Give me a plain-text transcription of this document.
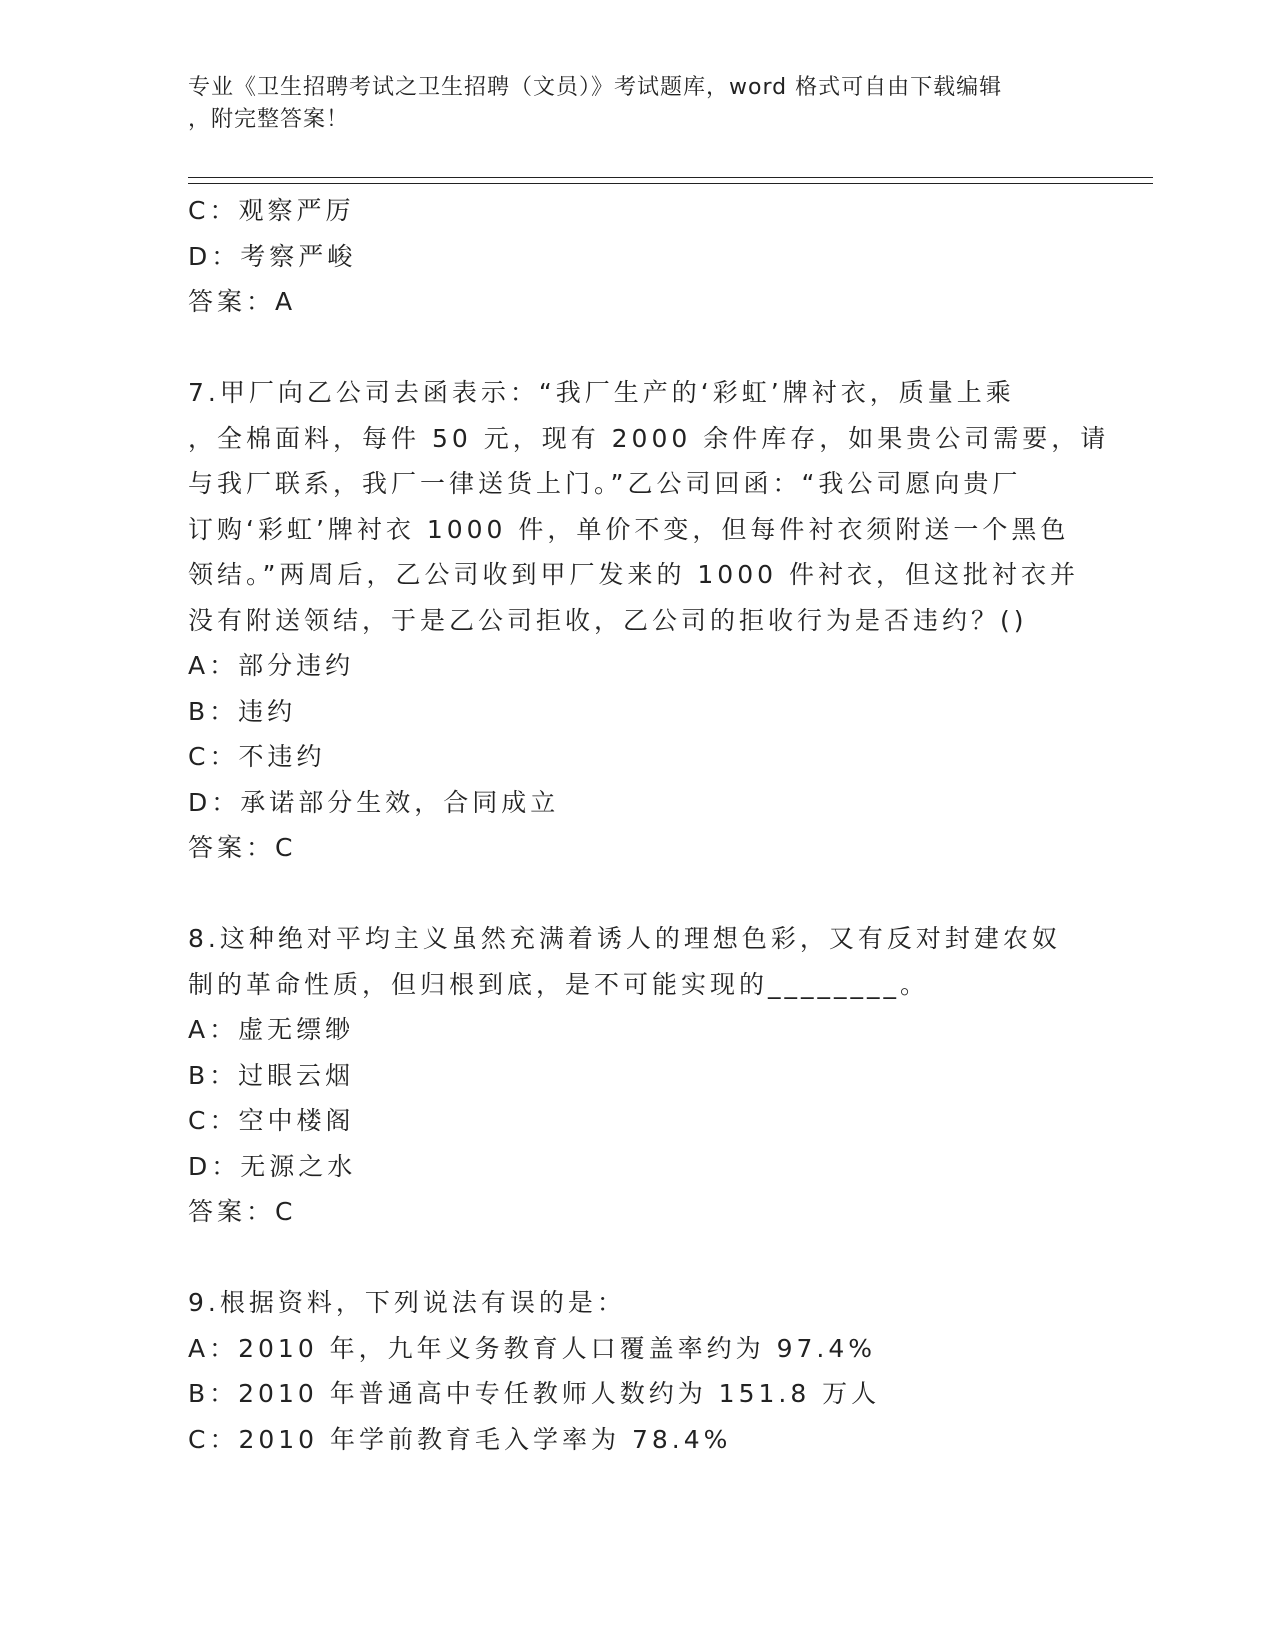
专业《卫生招聘考试之卫生招聘（文员）》考试题库，word 格式可自由下载编辑
，附完整答案！
C：观察严厉
D：考察严峻
答案：A
7.甲厂向乙公司去函表示：“我厂生产的‘彩虹’牌衬衣，质量上乘
，全棉面料，每件 50 元，现有 2000 余件库存，如果贵公司需要，请
与我厂联系，我厂一律送货上门。”乙公司回函：“我公司愿向贵厂
订购‘彩虹’牌衬衣 1000 件，单价不变，但每件衬衣须附送一个黑色
领结。”两周后，乙公司收到甲厂发来的 1000 件衬衣，但这批衬衣并
没有附送领结，于是乙公司拒收，乙公司的拒收行为是否违约？()
A：部分违约
B：违约
C：不违约
D：承诺部分生效，合同成立
答案：C
8.这种绝对平均主义虽然充满着诱人的理想色彩，又有反对封建农奴
制的革命性质，但归根到底，是不可能实现的________。
A：虚无缥缈
B：过眼云烟
C：空中楼阁
D：无源之水
答案：C
9.根据资料，下列说法有误的是：
A：2010 年，九年义务教育人口覆盖率约为 97.4%
B：2010 年普通高中专任教师人数约为 151.8 万人
C：2010 年学前教育毛入学率为 78.4%
